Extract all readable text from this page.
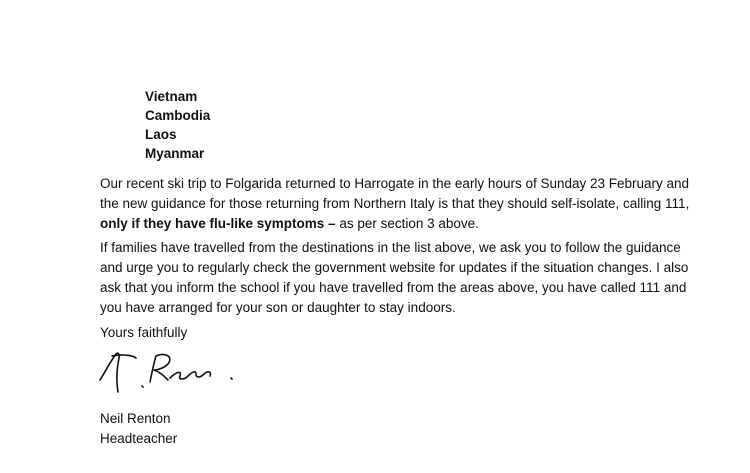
Vietnam
Cambodia
Laos
Myanmar
Our recent ski trip to Folgarida returned to Harrogate in the early hours of Sunday 23 February and
the new guidance for those returning from Northern Italy is that they should self-isolate, calling 111,
only if they have flu-like symptoms – as per section 3 above.
If families have travelled from the destinations in the list above, we ask you to follow the guidance
and urge you to regularly check the government website for updates if the situation changes. I also
ask that you inform the school if you have travelled from the areas above, you have called 111 and
you have arranged for your son or daughter to stay indoors.
Yours faithfully
Neil Renton
Headteacher
